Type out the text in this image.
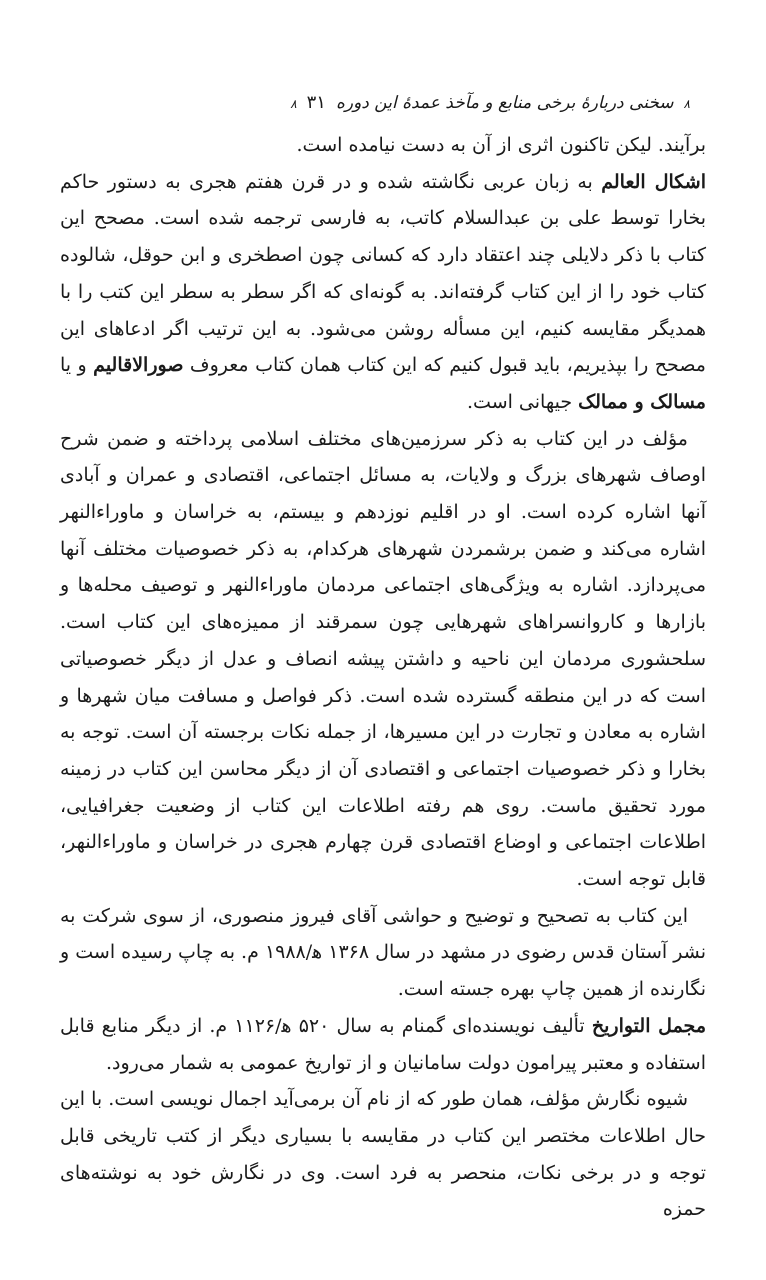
۸
سخنی دربارهٔ برخی منابع و مآخذ عمدهٔ این دوره
۳۱
۸

برآیند. لیکن تاکنون اثری از آن به دست نیامده است.

اشکال العالم به زبان عربی نگاشته شده و در قرن هفتم هجری به دستور حاکم بخارا توسط علی بن عبدالسلام کاتب، به فارسی ترجمه شده است. مصحح این کتاب با ذکر دلایلی چند اعتقاد دارد که کسانی چون اصطخری و ابن حوقل، شالوده کتاب خود را از این کتاب گرفته‌اند. به گونه‌ای که اگر سطر به سطر این کتب را با همدیگر مقایسه کنیم، این مسأله روشن می‌شود. به این ترتیب اگر ادعاهای این مصحح را بپذیریم، باید قبول کنیم که این کتاب همان کتاب معروف صورالاقالیم و یا مسالک و ممالک جیهانی است.

مؤلف در این کتاب به ذکر سرزمین‌های مختلف اسلامی پرداخته و ضمن شرح اوصاف شهرهای بزرگ و ولایات، به مسائل اجتماعی، اقتصادی و عمران و آبادی آنها اشاره کرده است. او در اقلیم نوزدهم و بیستم، به خراسان و ماوراءالنهر اشاره می‌کند و ضمن برشمردن شهرهای هرکدام، به ذکر خصوصیات مختلف آنها می‌پردازد. اشاره به ویژگی‌های اجتماعی مردمان ماوراءالنهر و توصیف محله‌ها و بازارها و کاروانسراهای شهرهایی چون سمرقند از ممیزه‌های این کتاب است. سلحشوری مردمان این ناحیه و داشتن پیشه انصاف و عدل از دیگر خصوصیاتی است که در این منطقه گسترده شده است. ذکر فواصل و مسافت میان شهرها و اشاره به معادن و تجارت در این مسیرها، از جمله نکات برجسته آن است. توجه به بخارا و ذکر خصوصیات اجتماعی و اقتصادی آن از دیگر محاسن این کتاب در زمینه مورد تحقیق ماست. روی هم رفته اطلاعات این کتاب از وضعیت جغرافیایی، اطلاعات اجتماعی و اوضاع اقتصادی قرن چهارم هجری در خراسان و ماوراءالنهر، قابل توجه است.

این کتاب به تصحیح و توضیح و حواشی آقای فیروز منصوری، از سوی شرکت به نشر آستان قدس رضوی در مشهد در سال ۱۳۶۸ ه‍/۱۹۸۸ م. به چاپ رسیده است و نگارنده از همین چاپ بهره جسته است.

مجمل التواریخ تألیف نویسنده‌ای گمنام به سال ۵۲۰ ه‍/۱۱۲۶ م. از دیگر منابع قابل استفاده و معتبر پیرامون دولت سامانیان و از تواریخ عمومی به شمار می‌رود.

شیوه نگارش مؤلف، همان طور که از نام آن برمی‌آید اجمال نویسی است. با این حال اطلاعات مختصر این کتاب در مقایسه با بسیاری دیگر از کتب تاریخی قابل توجه و در برخی نکات، منحصر به فرد است. وی در نگارش خود به نوشته‌های حمزه
